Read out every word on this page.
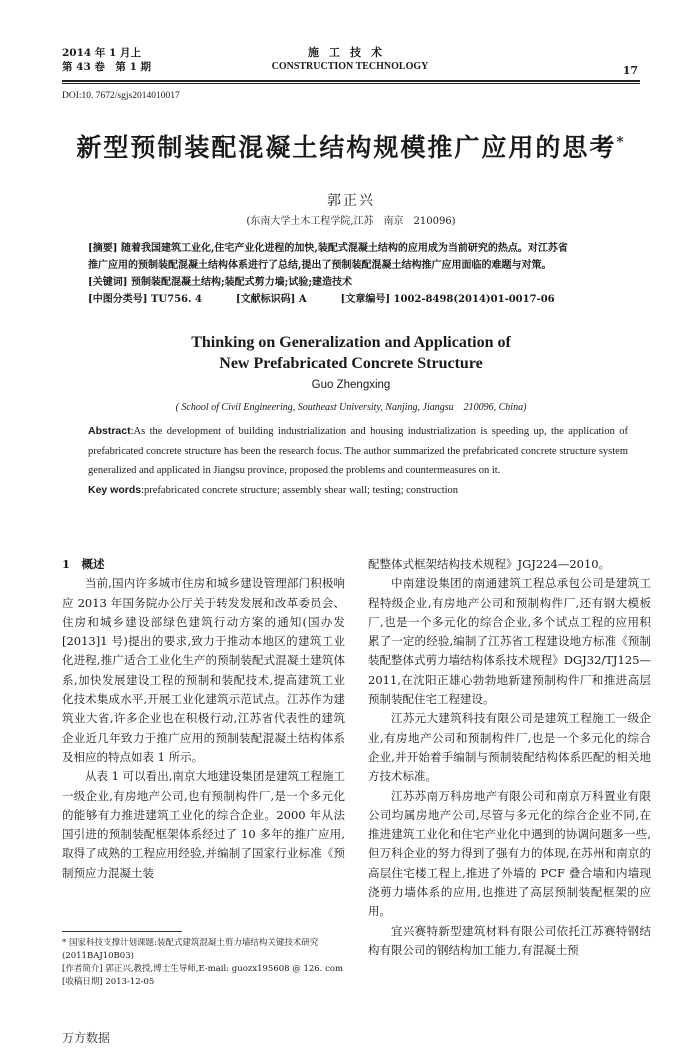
2014 年 1 月上
第 43 卷　第 1 期
施工技术
CONSTRUCTION TECHNOLOGY	17
DOI:10. 7672/sgjs2014010017
新型预制装配混凝土结构规模推广应用的思考*
郭正兴
(东南大学土木工程学院,江苏　南京　210096)

[摘要] 随着我国建筑工业化,住宅产业化进程的加快,装配式混凝土结构的应用成为当前研究的热点。对江苏省

推广应用的预制装配混凝土结构体系进行了总结,提出了预制装配混凝土结构推广应用面临的难题与对策。

[关键词] 预制装配混凝土结构;装配式剪力墙;试验;建造技术

[中图分类号] TU756. 4	[文献标识码] A	[文章编号] 1002-8498(2014)01-0017-06

Thinking on Generalization and Application of
New Prefabricated Concrete Structure
Guo Zhengxing
( School of Civil Engineering, Southeast University, Nanjing, Jiangsu　210096, China)

Abstract:As the development of building industrialization and housing industrialization is speeding up, the application of prefabricated concrete structure has been the research focus. The author summarized the prefabricated concrete structure system generalized and applicated in Jiangsu province, proposed the problems and countermeasures on it.

Key words:prefabricated concrete structure; assembly shear wall; testing; construction

1　概述

当前,国内许多城市住房和城乡建设管理部门积极响应 2013 年国务院办公厅关于转发发展和改革委员会、住房和城乡建设部绿色建筑行动方案的通知(国办发[2013]1 号)提出的要求,致力于推动本地区的建筑工业化进程,推广适合工业化生产的预制装配式混凝土建筑体系,加快发展建设工程的预制和装配技术,提高建筑工业化技术集成水平,开展工业化建筑示范试点。江苏作为建筑业大省,许多企业也在积极行动,江苏省代表性的建筑企业近几年致力于推广应用的预制装配混凝土结构体系及相应的特点如表 1 所示。

从表 1 可以看出,南京大地建设集团是建筑工程施工一级企业,有房地产公司,也有预制构件厂,是一个多元化的能够有力推进建筑工业化的综合企业。2000 年从法国引进的预制装配框架体系经过了 10 多年的推广应用,取得了成熟的工程应用经验,并编制了国家行业标准《预制预应力混凝土装

* 国家科技支撑计划课题:装配式建筑混凝土剪力墙结构关键技术研究(2011BAJ10B03)

[作者简介] 郭正兴,教授,博士生导师,E-mail: guozx195608 @ 126. com

[收稿日期] 2013-12-05

配整体式框架结构技术规程》JGJ224—2010。

中南建设集团的南通建筑工程总承包公司是建筑工程特级企业,有房地产公司和预制构件厂,还有钢大模板厂,也是一个多元化的综合企业,多个试点工程的应用积累了一定的经验,编制了江苏省工程建设地方标准《预制装配整体式剪力墙结构体系技术规程》DGJ32/TJ125—2011,在沈阳正雄心勃勃地新建预制构件厂和推进高层预制装配住宅工程建设。

江苏元大建筑科技有限公司是建筑工程施工一级企业,有房地产公司和预制构件厂,也是一个多元化的综合企业,并开始着手编制与预制装配结构体系匹配的相关地方技术标准。

江苏苏南万科房地产有限公司和南京万科置业有限公司均属房地产公司,尽管与多元化的综合企业不同,在推进建筑工业化和住宅产业化中遇到的协调问题多一些,但万科企业的努力得到了强有力的体现,在苏州和南京的高层住宅楼工程上,推进了外墙的 PCF 叠合墙和内墙现浇剪力墙体系的应用,也推进了高层预制装配框架的应用。

宜兴赛特新型建筑材料有限公司依托江苏赛特钢结构有限公司的钢结构加工能力,有混凝土预

万方数据
